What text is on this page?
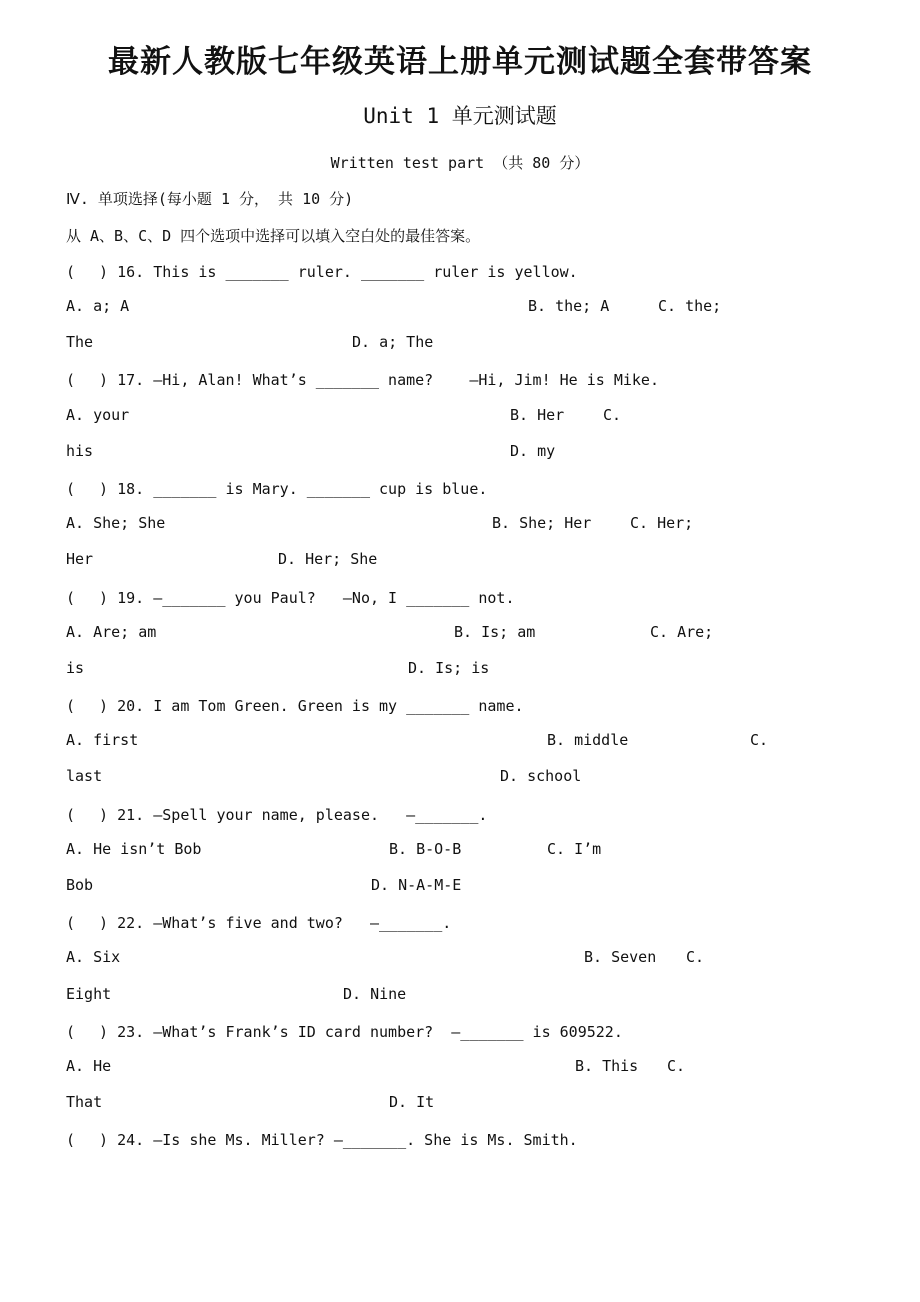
最新人教版七年级英语上册单元测试题全套带答案
Unit 1 单元测试题
Written test part （共 80 分）
Ⅳ. 单项选择(每小题 1 分， 共 10 分)
从 A、B、C、D 四个选项中选择可以填入空白处的最佳答案。
(　 ) 16. This is _______ ruler. _______ ruler is yellow.
A. a; A	B. the; A	C. the;
The	D. a; The
(　 ) 17. —Hi, Alan! What’s _______ name?    —Hi, Jim! He is Mike.
A. your	B. Her	C.
his	D. my
(　 ) 18. _______ is Mary. _______ cup is blue.
A. She; She	B. She; Her	C. Her;
Her	D. Her; She
(　 ) 19. —_______ you Paul?   —No, I _______ not.
A. Are; am	B. Is; am	C. Are;
is	D. Is; is
(　 ) 20. I am Tom Green. Green is my _______ name.
A. first	B. middle	C.
last	D. school
(　 ) 21. —Spell your name, please.   —_______.
A. He isn’t Bob	B. B-O-B	C. I’m
Bob	D. N-A-M-E
(　 ) 22. —What’s five and two?   —_______.
A. Six	B. Seven C.
Eight	D. Nine
(　 ) 23. —What’s Frank’s ID card number?  —_______ is 609522.
A. He	B. This C.
That	D. It
(　 ) 24. —Is she Ms. Miller? —_______. She is Ms. Smith.
